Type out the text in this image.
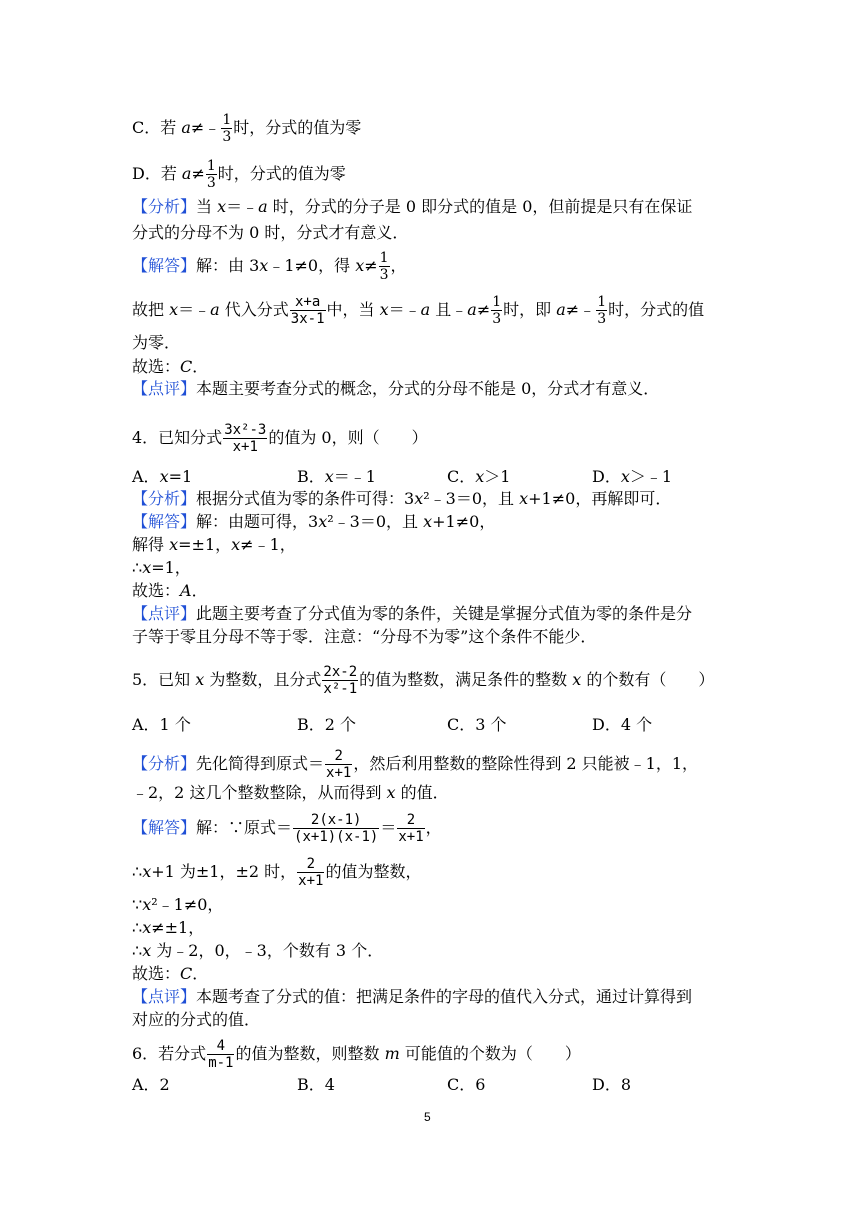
C．若 a≠﹣ $\frac{1}{3}$ 时，分式的值为零
D．若 $a\ne \frac{1}{3}$ 时，分式的值为零
【分析】当 x＝﹣a 时，分式的分子是 0 即分式的值是 0，但前提是只有在保证
分式的分母不为 0 时，分式才有意义．
【解答】解：由 3x﹣1≠0，得 $x\ne \frac{1}{3}$ ，
故把 x＝﹣a 代入分式 $\frac{x+a}{3x-1}$ 中，当 x＝﹣a 且﹣a≠ $\frac{1}{3}$ 时，即 a≠﹣ $\frac{1}{3}$ 时，分式的值
为零．
故选：C．
【点评】本题主要考查分式的概念，分式的分母不能是 0，分式才有意义．
4．已知分式 $\frac{\text{3x²-3}}{x+1}$ 的值为 0，则（　　）
A．x=1	B．x＝﹣1	C．x＞1	D．x＞﹣1
【分析】根据分式值为零的条件可得：3x²﹣3＝0，且 x+1≠0，再解即可．
【解答】解：由题可得，3x²﹣3＝0，且 x+1≠0，
解得 x=±1，x≠﹣1，
∴x=1，
故选：A．
【点评】此题主要考查了分式值为零的条件，关键是掌握分式值为零的条件是分
子等于零且分母不等于零．注意：“分母不为零”这个条件不能少．
5．已知 x 为整数，且分式 $\frac{2x-2}{\text{x²-1}}$ 的值为整数，满足条件的整数 x 的个数有（　　）
A．1 个	B．2 个	C．3 个	D．4 个
【分析】先化简得到原式＝ $\frac{2}{x+1}$ ，然后利用整数的整除性得到 2 只能被﹣1，1，
﹣2，2 这几个整数整除，从而得到 x 的值．
【解答】解：∵原式＝ $\frac{2(x-1)}{(x+1)(x-1)} = \frac{2}{x+1}$ ，
∴x+1 为±1，±2 时， $\frac{2}{x+1}$ 的值为整数，
∵x²﹣1≠0，
∴x≠±1，
∴x 为﹣2，0，﹣3，个数有 3 个．
故选：C．
【点评】本题考查了分式的值：把满足条件的字母的值代入分式，通过计算得到
对应的分式的值．
6．若分式 $\frac{4}{m-1}$ 的值为整数，则整数 m 可能值的个数为（　　）
A．2	B．4	C．6	D．8
5
